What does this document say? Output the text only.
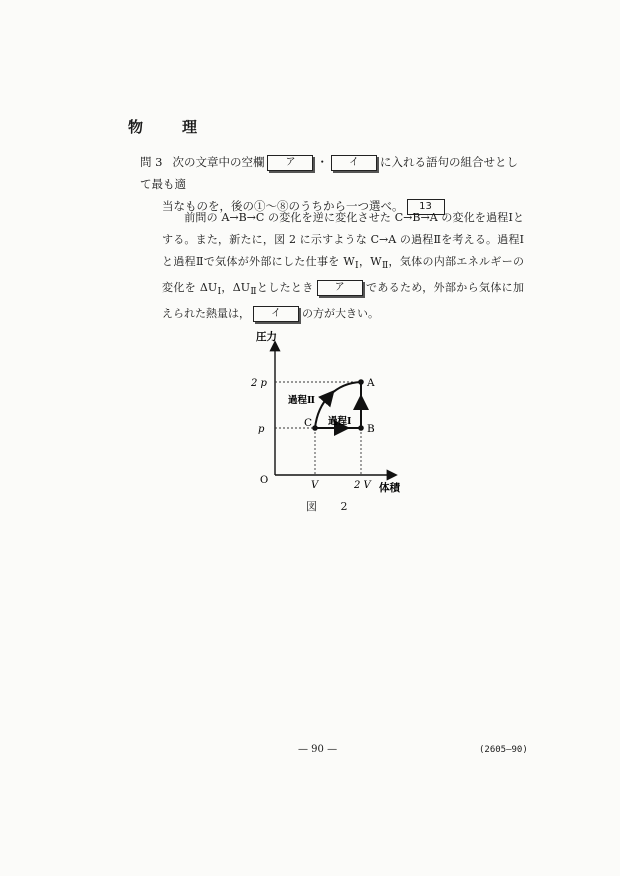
物　理
問 3 次の文章中の空欄 ア ・ イ に入れる語句の組合せとして最も適
当なものを，後の①～⑧のうちから一つ選べ。 13
前問の A→B→C の変化を逆に変化させた C→B→A の変化を過程Ⅰとする。また，新たに，図 2 に示すような C→A の過程Ⅱを考える。過程Ⅰと過程Ⅱで気体が外部にした仕事を $W_Ⅰ$，$W_Ⅱ$，気体の内部エネルギーの変化を $\Delta U_Ⅰ$，$\Delta U_Ⅱ$としたとき ア であるため，外部から気体に加えられた熱量は， イ の方が大きい。
圧力
体積
O
2 p
p
V	2 V
A
B
C 過程Ⅰ
過程Ⅱ
図 2
— 90 —	(2605—90)
